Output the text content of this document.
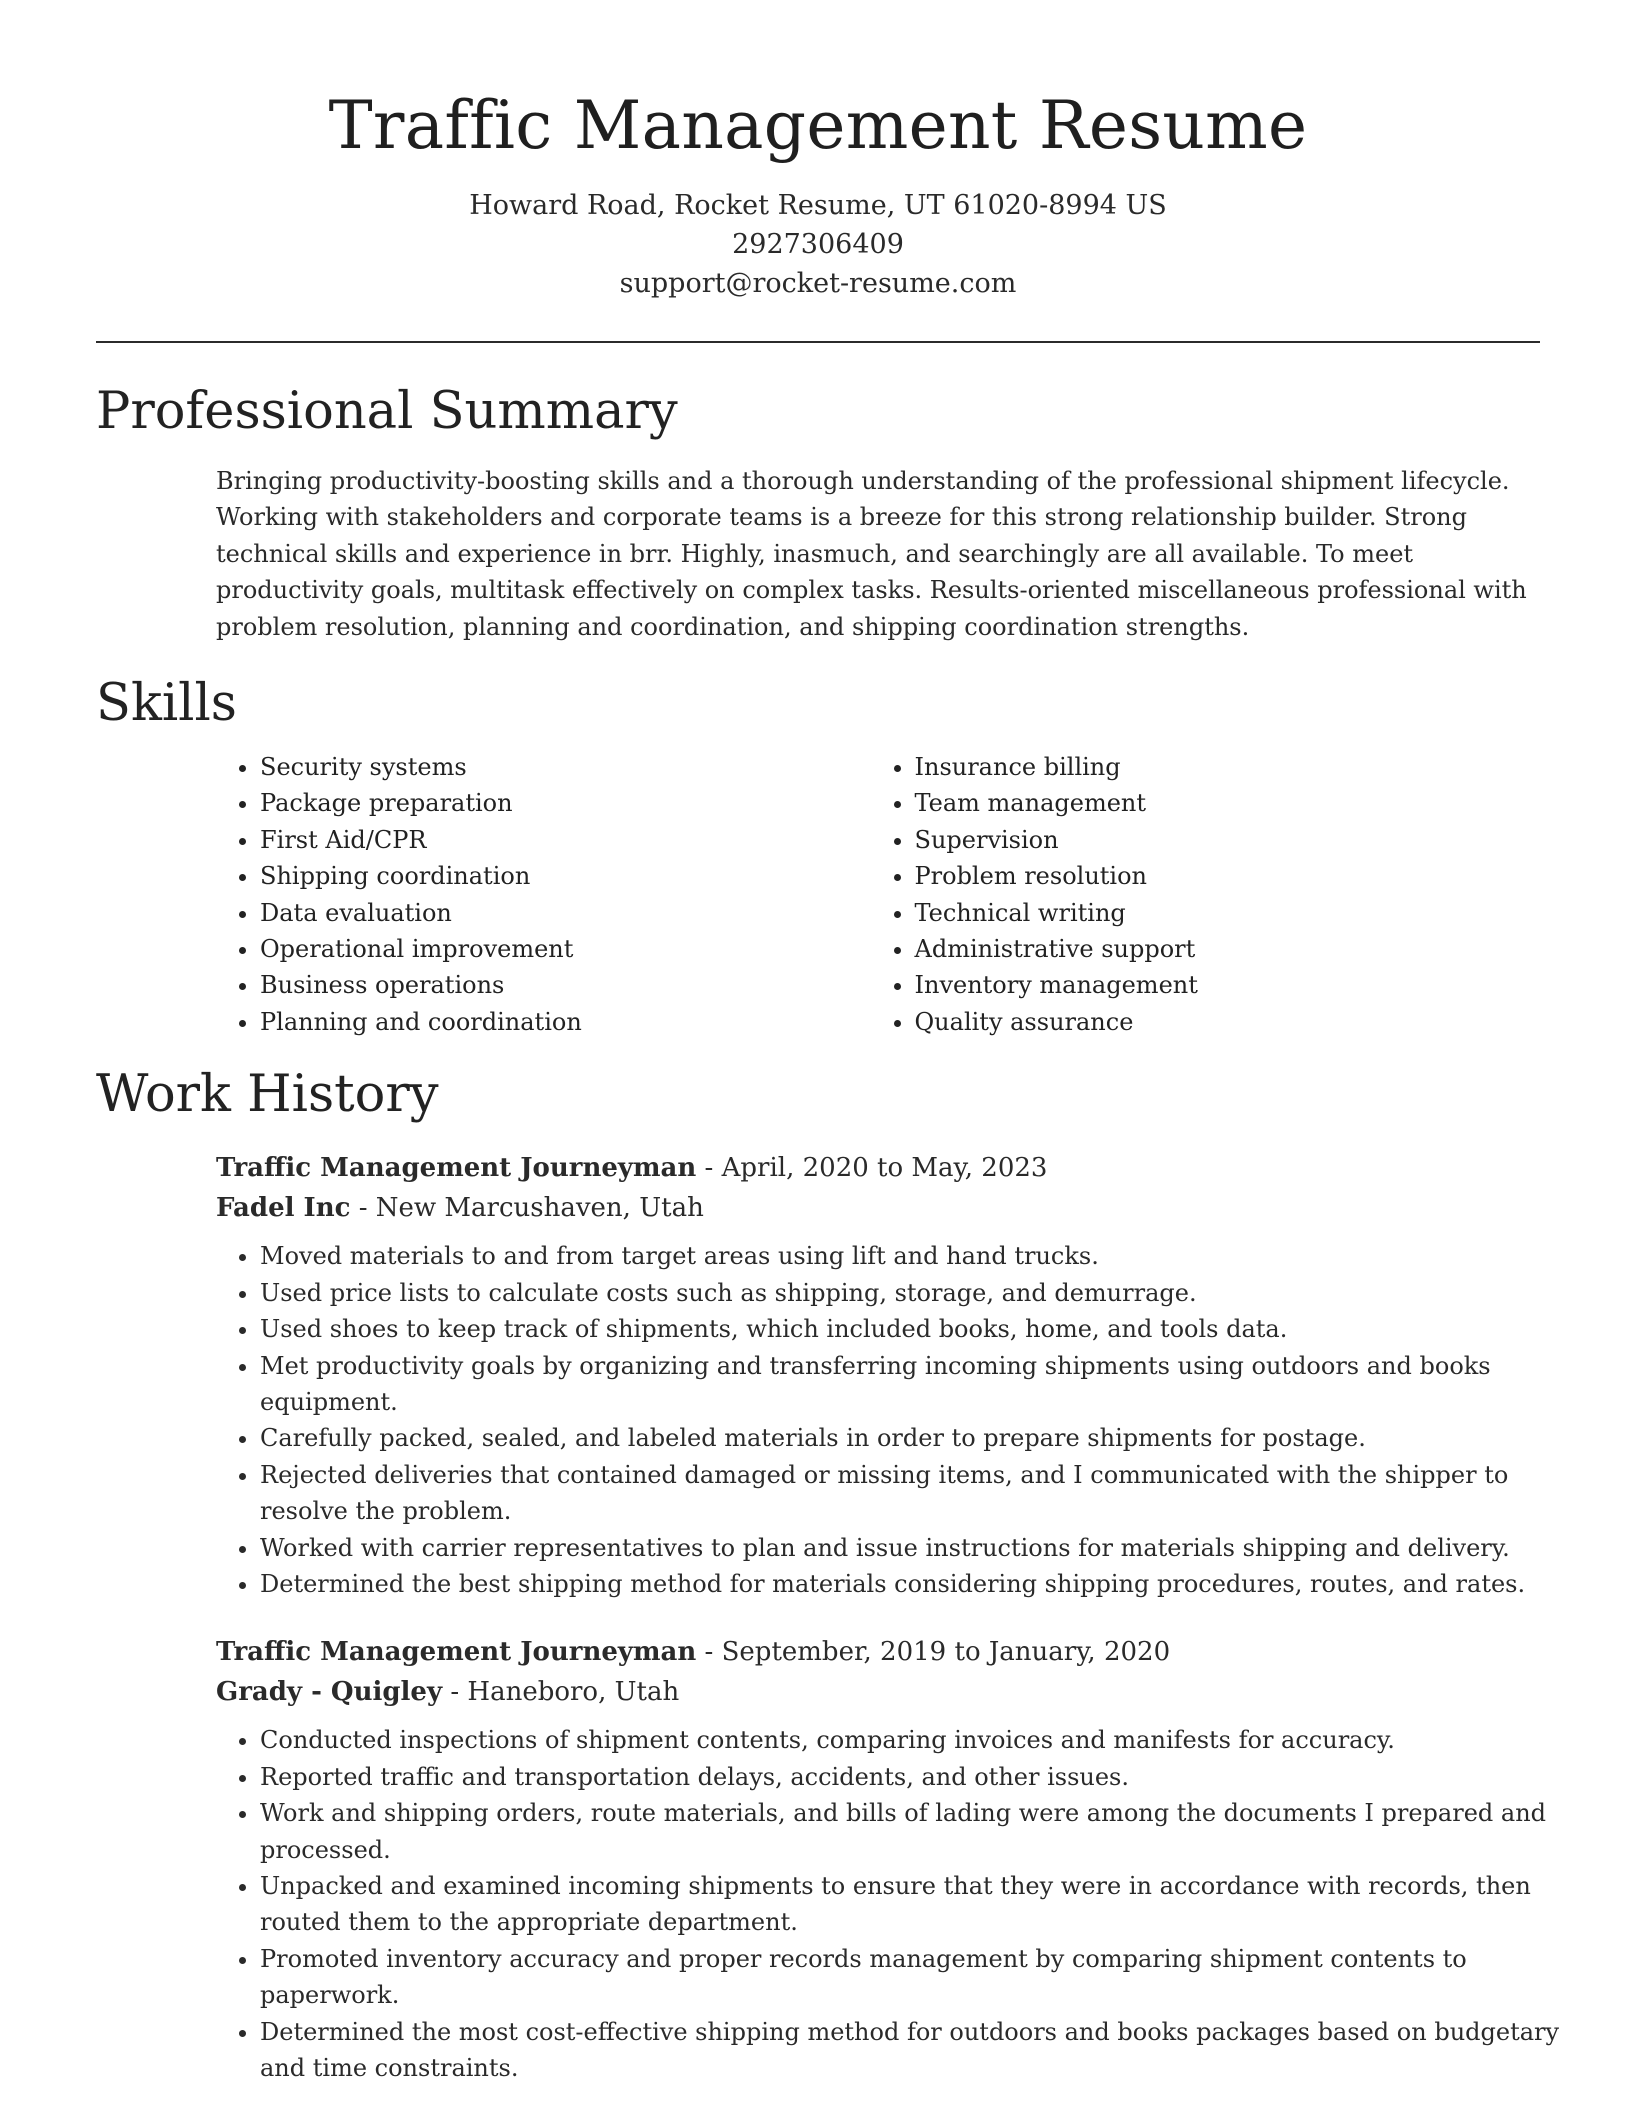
Traffic Management Resume
Howard Road, Rocket Resume, UT 61020-8994 US
2927306409
support@rocket-resume.com
Professional Summary
Bringing productivity-boosting skills and a thorough understanding of the professional shipment lifecycle. Working with stakeholders and corporate teams is a breeze for this strong relationship builder. Strong technical skills and experience in brr. Highly, inasmuch, and searchingly are all available. To meet productivity goals, multitask effectively on complex tasks. Results-oriented miscellaneous professional with problem resolution, planning and coordination, and shipping coordination strengths.
Skills
• Security systems
• Package preparation
• First Aid/CPR
• Shipping coordination
• Data evaluation
• Operational improvement
• Business operations
• Planning and coordination
• Insurance billing
• Team management
• Supervision
• Problem resolution
• Technical writing
• Administrative support
• Inventory management
• Quality assurance
Work History
Traffic Management Journeyman - April, 2020 to May, 2023
Fadel Inc - New Marcushaven, Utah
• Moved materials to and from target areas using lift and hand trucks.
• Used price lists to calculate costs such as shipping, storage, and demurrage.
• Used shoes to keep track of shipments, which included books, home, and tools data.
• Met productivity goals by organizing and transferring incoming shipments using outdoors and books equipment.
• Carefully packed, sealed, and labeled materials in order to prepare shipments for postage.
• Rejected deliveries that contained damaged or missing items, and I communicated with the shipper to resolve the problem.
• Worked with carrier representatives to plan and issue instructions for materials shipping and delivery.
• Determined the best shipping method for materials considering shipping procedures, routes, and rates.
Traffic Management Journeyman - September, 2019 to January, 2020
Grady - Quigley - Haneboro, Utah
• Conducted inspections of shipment contents, comparing invoices and manifests for accuracy.
• Reported traffic and transportation delays, accidents, and other issues.
• Work and shipping orders, route materials, and bills of lading were among the documents I prepared and processed.
• Unpacked and examined incoming shipments to ensure that they were in accordance with records, then routed them to the appropriate department.
• Promoted inventory accuracy and proper records management by comparing shipment contents to paperwork.
• Determined the most cost-effective shipping method for outdoors and books packages based on budgetary and time constraints.
